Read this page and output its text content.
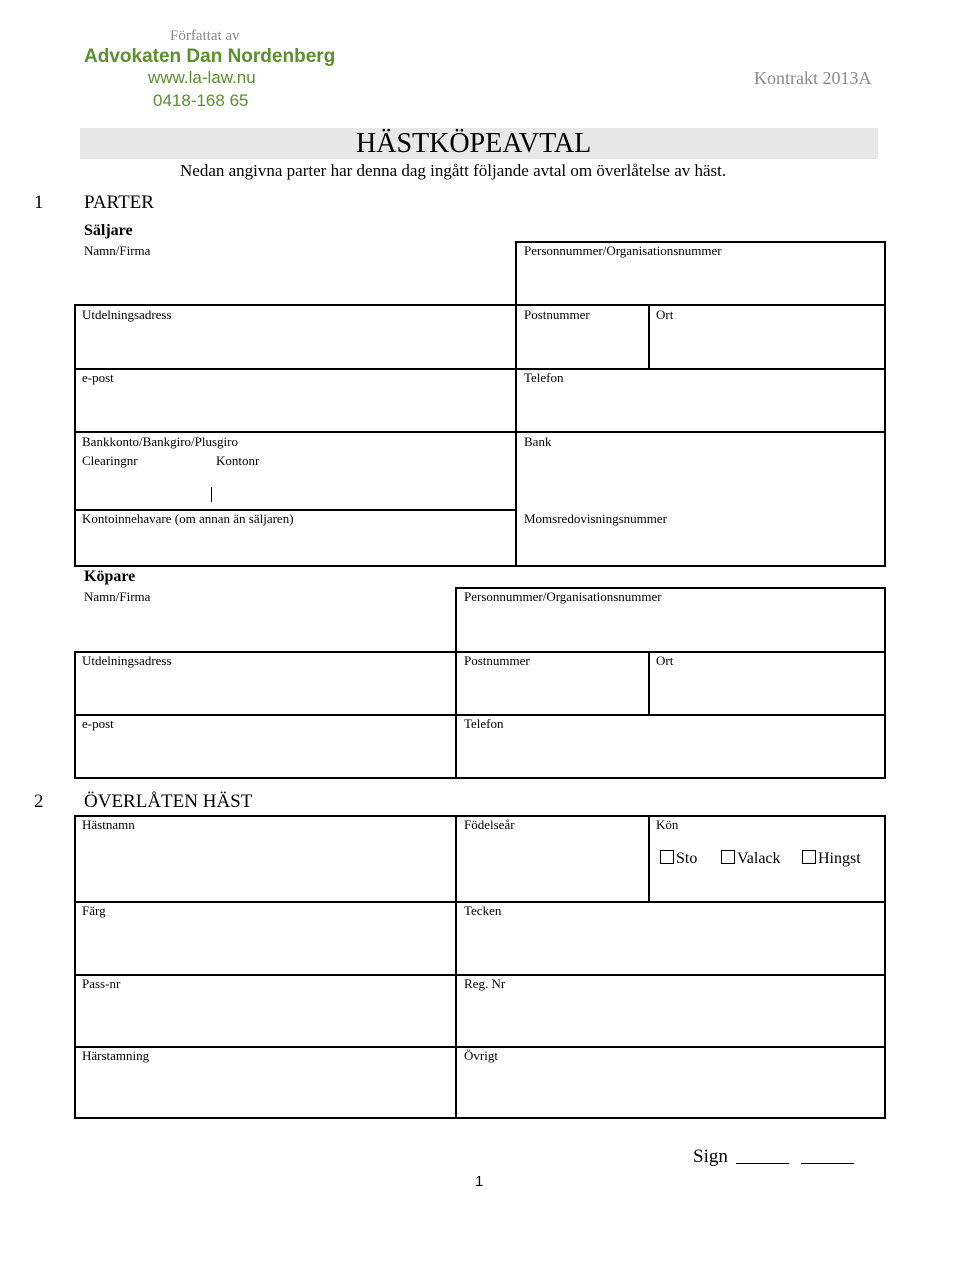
Författat av
Advokaten Dan Nordenberg
www.la-law.nu
0418-168 65
Kontrakt 2013A
HÄSTKÖPEAVTAL
Nedan angivna parter har denna dag ingått följande avtal om överlåtelse av häst.
1 PARTER
Säljare
Namn/Firma	Personnummer/Organisationsnummer
Utdelningsadress	Postnummer	Ort
e-post	Telefon
Bankkonto/Bankgiro/Plusgiro
Clearingnr	Kontonr
Bank
Kontoinnehavare (om annan än säljaren)	Momsredovisningsnummer
Köpare
Namn/Firma	Personnummer/Organisationsnummer
Utdelningsadress	Postnummer	Ort
e-post	Telefon
2 ÖVERLÅTEN HÄST
Hästnamn	Födelseår	Kön
Sto	Valack	Hingst
Färg	Tecken
Pass-nr	Reg. Nr
Härstamning	Övrigt
1
Sign
